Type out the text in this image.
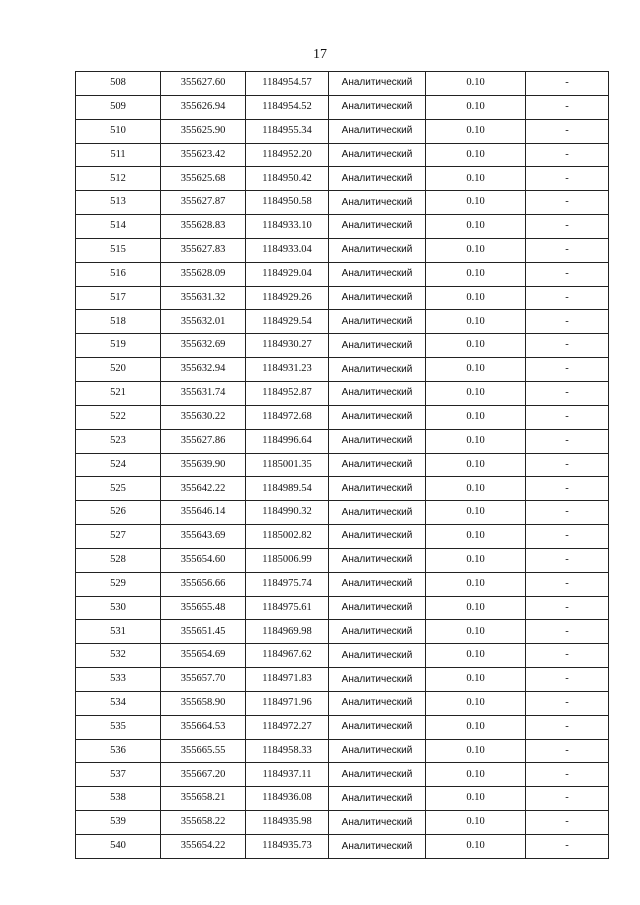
17
508	355627.60	1184954.57	Аналитический	0.10	-
509	355626.94	1184954.52	Аналитический	0.10	-
510	355625.90	1184955.34	Аналитический	0.10	-
511	355623.42	1184952.20	Аналитический	0.10	-
512	355625.68	1184950.42	Аналитический	0.10	-
513	355627.87	1184950.58	Аналитический	0.10	-
514	355628.83	1184933.10	Аналитический	0.10	-
515	355627.83	1184933.04	Аналитический	0.10	-
516	355628.09	1184929.04	Аналитический	0.10	-
517	355631.32	1184929.26	Аналитический	0.10	-
518	355632.01	1184929.54	Аналитический	0.10	-
519	355632.69	1184930.27	Аналитический	0.10	-
520	355632.94	1184931.23	Аналитический	0.10	-
521	355631.74	1184952.87	Аналитический	0.10	-
522	355630.22	1184972.68	Аналитический	0.10	-
523	355627.86	1184996.64	Аналитический	0.10	-
524	355639.90	1185001.35	Аналитический	0.10	-
525	355642.22	1184989.54	Аналитический	0.10	-
526	355646.14	1184990.32	Аналитический	0.10	-
527	355643.69	1185002.82	Аналитический	0.10	-
528	355654.60	1185006.99	Аналитический	0.10	-
529	355656.66	1184975.74	Аналитический	0.10	-
530	355655.48	1184975.61	Аналитический	0.10	-
531	355651.45	1184969.98	Аналитический	0.10	-
532	355654.69	1184967.62	Аналитический	0.10	-
533	355657.70	1184971.83	Аналитический	0.10	-
534	355658.90	1184971.96	Аналитический	0.10	-
535	355664.53	1184972.27	Аналитический	0.10	-
536	355665.55	1184958.33	Аналитический	0.10	-
537	355667.20	1184937.11	Аналитический	0.10	-
538	355658.21	1184936.08	Аналитический	0.10	-
539	355658.22	1184935.98	Аналитический	0.10	-
540	355654.22	1184935.73	Аналитический	0.10	-
